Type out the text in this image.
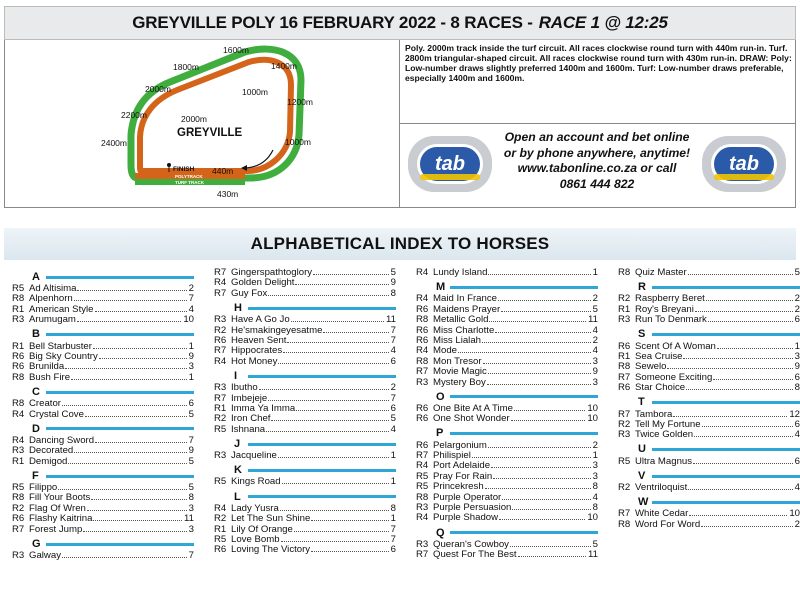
GREYVILLE POLY 16 FEBRUARY 2022 - 8 RACES - RACE 1 @ 12:25
POLYTRACK
TURF TRACK
1600m
1800m	1400m
2000m	1000m
1200m
2000m
2200m
2400m	1000m
440m
430m
FINISH
GREYVILLE
Poly. 2000m track inside the turf circuit. All races clockwise round turn with 440m run-in. Turf. 2800m triangular-shaped circuit. All races clockwise round turn with 430m run-in. DRAW: Poly: Low-number draws slightly preferred 1400m and 1600m. Turf: Low-number draws preferable, especially 1400m and 1600m.
tab
Open an account and bet online
or by phone anywhere, anytime!
www.tabonline.co.za or call
0861 444 822
tab
ALPHABETICAL INDEX TO HORSES
A
R5 Ad Altisima	2
R8 Alpenhorn	7
R1 American Style	4
R3 Arumugam	10
B
R1 Bell Starbuster	1
R6 Big Sky Country	9
R6 Brunilda	3
R8 Bush Fire	1
C
R8 Creator	6
R4 Crystal Cove	5
D
R4 Dancing Sword	7
R3 Decorated	9
R1 Demigod	5
F
R5 Filippo	5
R8 Fill Your Boots	8
R2 Flag Of Wren	3
R6 Flashy Kaitrina	11
R7 Forest Jump	3
G
R3 Galway	7
R7 Gingerspathtoglory	5
R4 Golden Delight	9
R7 Guy Fox	8
H
R3 Have A Go Jo	11
R2 He'smakingeyesatme	7
R6 Heaven Sent	7
R7 Hippocrates	4
R4 Hot Money	6
I
R3 Ibutho	2
R7 Imbejeje	7
R1 Imma Ya Imma	6
R2 Iron Chef	5
R5 Ishnana	4
J
R3 Jacqueline	1
K
R5 Kings Road	1
L
R4 Lady Yusra	8
R2 Let The Sun Shine	1
R1 Lily Of Orange	7
R5 Love Bomb	7
R6 Loving The Victory	6
R4 Lundy Island	1
M
R4 Maid In France	2
R6 Maidens Prayer	5
R8 Metallic Gold	11
R6 Miss Charlotte	4
R6 Miss Lialah	2
R4 Mode	4
R8 Mon Tresor	3
R7 Movie Magic	9
R3 Mystery Boy	3
O
R6 One Bite At A Time	10
R6 One Shot Wonder	10
P
R6 Pelargonium	2
R7 Philispiel	1
R4 Port Adelaide	3
R5 Pray For Rain	3
R5 Princekresh	8
R8 Purple Operator	4
R3 Purple Persuasion	8
R4 Purple Shadow	10
Q
R3 Queran's Cowboy	5
R7 Quest For The Best	11
R8 Quiz Master	5
R
R2 Raspberry Beret	2
R1 Roy's Breyani	2
R3 Run To Denmark	6
S
R6 Scent Of A Woman	1
R1 Sea Cruise	3
R8 Sewelo	9
R7 Someone Exciting	6
R6 Star Choice	8
T
R7 Tambora	12
R2 Tell My Fortune	6
R3 Twice Golden	4
U
R5 Ultra Magnus	6
V
R2 Ventriloquist	4
W
R7 White Cedar	10
R8 Word For Word	2
